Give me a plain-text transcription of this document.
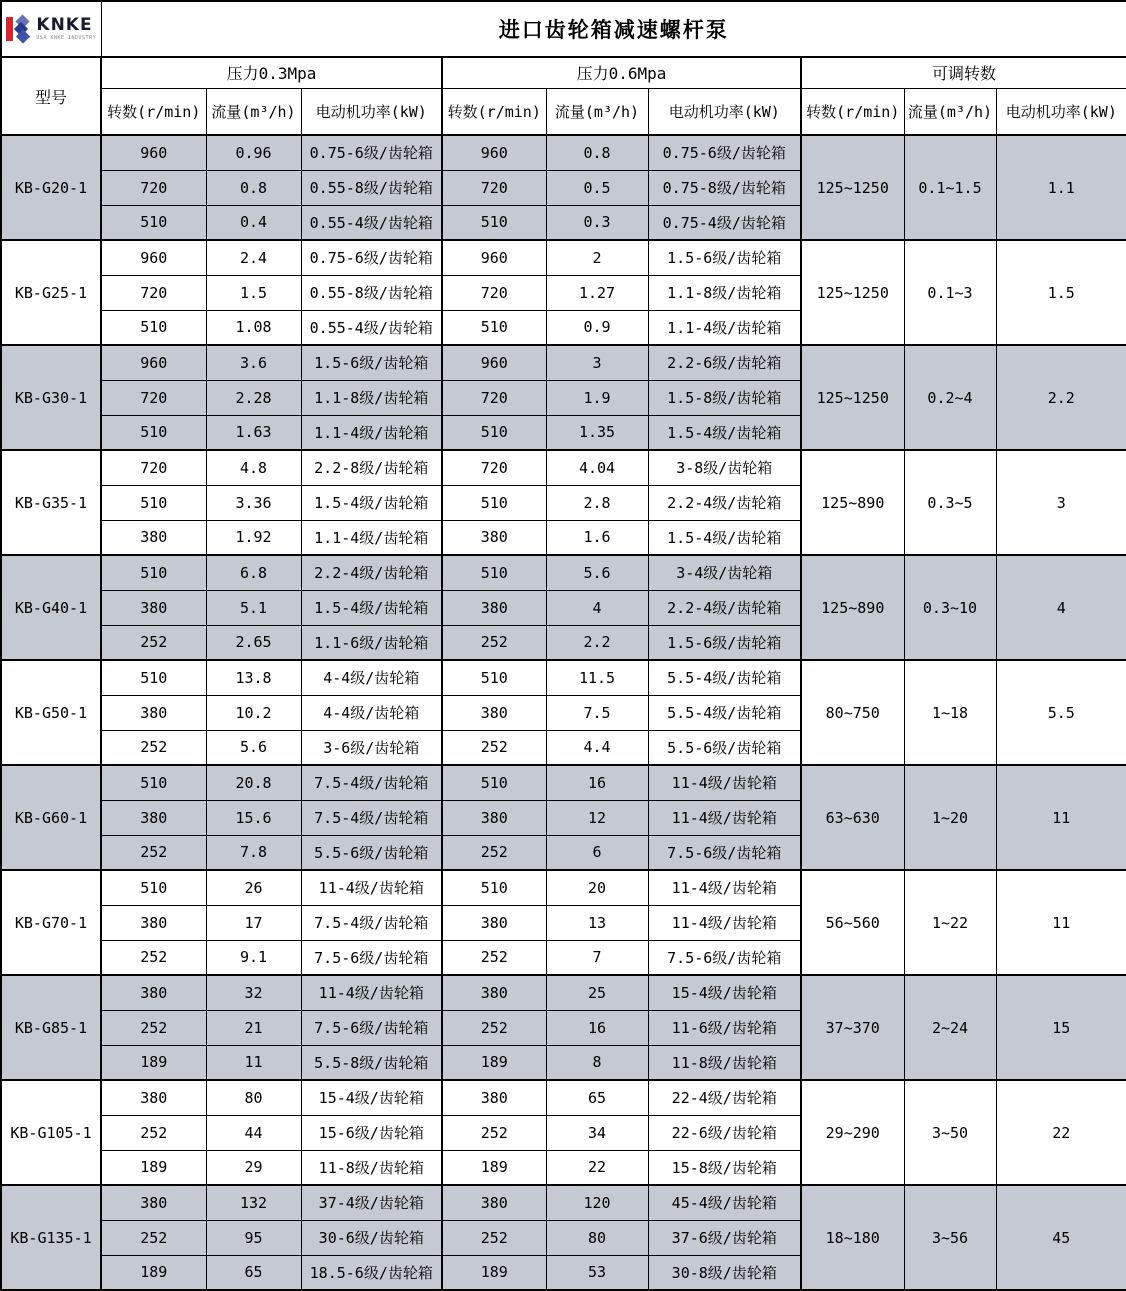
KNKE
USA KNKE INDUSTRY	进口齿轮箱减速螺杆泵								
型号	压力0.3Mpa			压力0.6Mpa			可调转数		
	转数(r/min)	流量(m³/h)	电动机功率(kW)	转数(r/min)	流量(m³/h)	电动机功率(kW)	转数(r/min)	流量(m³/h)	电动机功率(kW)
KB-G20-1	960	0.96	0.75-6级/齿轮箱	960	0.8	0.75-6级/齿轮箱	125~1250	0.1~1.5	1.1
	720	0.8	0.55-8级/齿轮箱	720	0.5	0.75-8级/齿轮箱			
	510	0.4	0.55-4级/齿轮箱	510	0.3	0.75-4级/齿轮箱			
KB-G25-1	960	2.4	0.75-6级/齿轮箱	960	2	1.5-6级/齿轮箱	125~1250	0.1~3	1.5
	720	1.5	0.55-8级/齿轮箱	720	1.27	1.1-8级/齿轮箱			
	510	1.08	0.55-4级/齿轮箱	510	0.9	1.1-4级/齿轮箱			
KB-G30-1	960	3.6	1.5-6级/齿轮箱	960	3	2.2-6级/齿轮箱	125~1250	0.2~4	2.2
	720	2.28	1.1-8级/齿轮箱	720	1.9	1.5-8级/齿轮箱			
	510	1.63	1.1-4级/齿轮箱	510	1.35	1.5-4级/齿轮箱			
KB-G35-1	720	4.8	2.2-8级/齿轮箱	720	4.04	3-8级/齿轮箱	125~890	0.3~5	3
	510	3.36	1.5-4级/齿轮箱	510	2.8	2.2-4级/齿轮箱			
	380	1.92	1.1-4级/齿轮箱	380	1.6	1.5-4级/齿轮箱			
KB-G40-1	510	6.8	2.2-4级/齿轮箱	510	5.6	3-4级/齿轮箱	125~890	0.3~10	4
	380	5.1	1.5-4级/齿轮箱	380	4	2.2-4级/齿轮箱			
	252	2.65	1.1-6级/齿轮箱	252	2.2	1.5-6级/齿轮箱			
KB-G50-1	510	13.8	4-4级/齿轮箱	510	11.5	5.5-4级/齿轮箱	80~750	1~18	5.5
	380	10.2	4-4级/齿轮箱	380	7.5	5.5-4级/齿轮箱			
	252	5.6	3-6级/齿轮箱	252	4.4	5.5-6级/齿轮箱			
KB-G60-1	510	20.8	7.5-4级/齿轮箱	510	16	11-4级/齿轮箱	63~630	1~20	11
	380	15.6	7.5-4级/齿轮箱	380	12	11-4级/齿轮箱			
	252	7.8	5.5-6级/齿轮箱	252	6	7.5-6级/齿轮箱			
KB-G70-1	510	26	11-4级/齿轮箱	510	20	11-4级/齿轮箱	56~560	1~22	11
	380	17	7.5-4级/齿轮箱	380	13	11-4级/齿轮箱			
	252	9.1	7.5-6级/齿轮箱	252	7	7.5-6级/齿轮箱			
KB-G85-1	380	32	11-4级/齿轮箱	380	25	15-4级/齿轮箱	37~370	2~24	15
	252	21	7.5-6级/齿轮箱	252	16	11-6级/齿轮箱			
	189	11	5.5-8级/齿轮箱	189	8	11-8级/齿轮箱			
KB-G105-1	380	80	15-4级/齿轮箱	380	65	22-4级/齿轮箱	29~290	3~50	22
	252	44	15-6级/齿轮箱	252	34	22-6级/齿轮箱			
	189	29	11-8级/齿轮箱	189	22	15-8级/齿轮箱			
KB-G135-1	380	132	37-4级/齿轮箱	380	120	45-4级/齿轮箱	18~180	3~56	45
	252	95	30-6级/齿轮箱	252	80	37-6级/齿轮箱			
	189	65	18.5-6级/齿轮箱	189	53	30-8级/齿轮箱			
